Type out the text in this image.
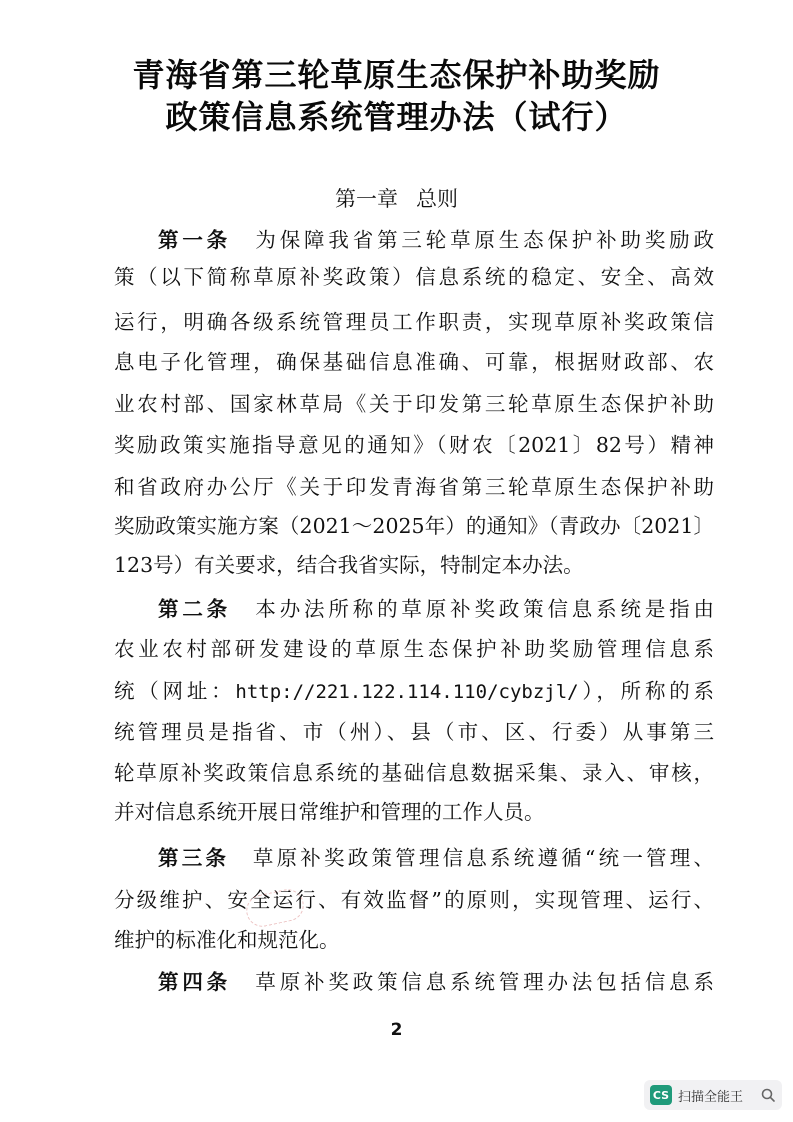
青海省第三轮草原生态保护补助奖励
政策信息系统管理办法（试行）
第一章 总则
第一条　 为保障我省第三轮草原生态保护补助奖励政
策（以下简称草原补奖政策）信息系统的稳定、安全、高效
运行，明确各级系统管理员工作职责，实现草原补奖政策信
息电子化管理，确保基础信息准确、可靠，根据财政部、农
业农村部、国家林草局《关于印发第三轮草原生态保护补助
奖励政策实施指导意见的通知》（财农〔2021〕82号）精神
和省政府办公厅《关于印发青海省第三轮草原生态保护补助
奖励政策实施方案（2021～2025年）的通知》（青政办〔2021〕
123号）有关要求，结合我省实际，特制定本办法。
第二条　 本办法所称的草原补奖政策信息系统是指由
农业农村部研发建设的草原生态保护补助奖励管理信息系
统（网址：http://221.122.114.110/cybzjl/），所称的系
统管理员是指省、市（州）、县（市、区、行委）从事第三
轮草原补奖政策信息系统的基础信息数据采集、录入、审核，
并对信息系统开展日常维护和管理的工作人员。
第三条　 草原补奖政策管理信息系统遵循“统一管理、
分级维护、安全运行、有效监督”的原则，实现管理、运行、
维护的标准化和规范化。
第四条　 草原补奖政策信息系统管理办法包括信息系
2
CS 扫描全能王
